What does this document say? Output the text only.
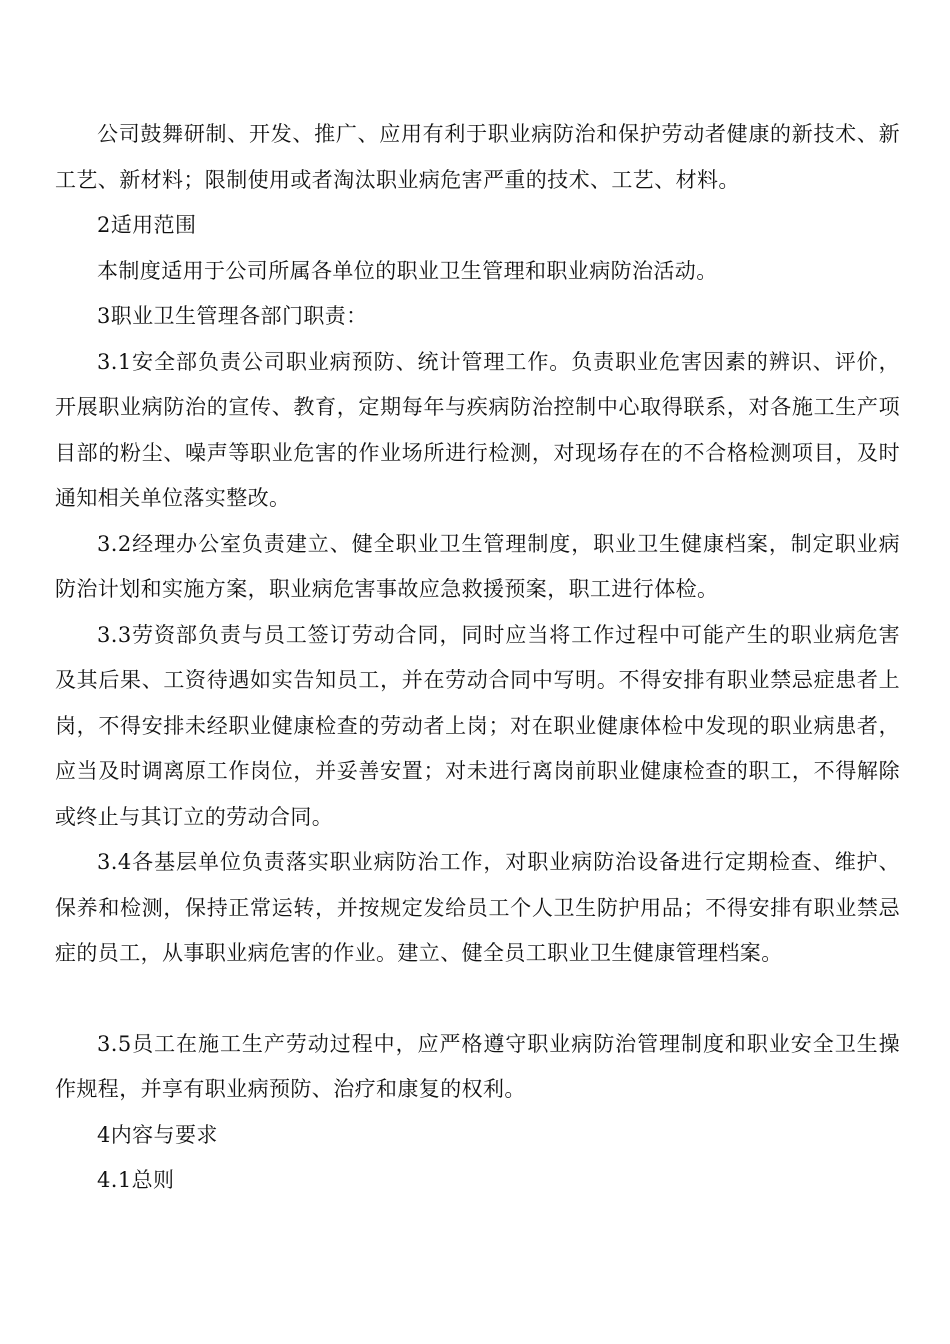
公司鼓舞研制、开发、推广、应用有利于职业病防治和保护劳动者健康的新技术、新工艺、新材料；限制使用或者淘汰职业病危害严重的技术、工艺、材料。

2适用范围

本制度适用于公司所属各单位的职业卫生管理和职业病防治活动。

3职业卫生管理各部门职责：

3.1安全部负责公司职业病预防、统计管理工作。负责职业危害因素的辨识、评价，开展职业病防治的宣传、教育，定期每年与疾病防治控制中心取得联系，对各施工生产项目部的粉尘、噪声等职业危害的作业场所进行检测，对现场存在的不合格检测项目，及时通知相关单位落实整改。

3.2经理办公室负责建立、健全职业卫生管理制度，职业卫生健康档案，制定职业病防治计划和实施方案，职业病危害事故应急救援预案，职工进行体检。

3.3劳资部负责与员工签订劳动合同，同时应当将工作过程中可能产生的职业病危害及其后果、工资待遇如实告知员工，并在劳动合同中写明。不得安排有职业禁忌症患者上岗，不得安排未经职业健康检查的劳动者上岗；对在职业健康体检中发现的职业病患者，应当及时调离原工作岗位，并妥善安置；对未进行离岗前职业健康检查的职工，不得解除或终止与其订立的劳动合同。

3.4各基层单位负责落实职业病防治工作，对职业病防治设备进行定期检查、维护、保养和检测，保持正常运转，并按规定发给员工个人卫生防护用品；不得安排有职业禁忌症的员工，从事职业病危害的作业。建立、健全员工职业卫生健康管理档案。

3.5员工在施工生产劳动过程中，应严格遵守职业病防治管理制度和职业安全卫生操作规程，并享有职业病预防、治疗和康复的权利。

4内容与要求

4.1总则
